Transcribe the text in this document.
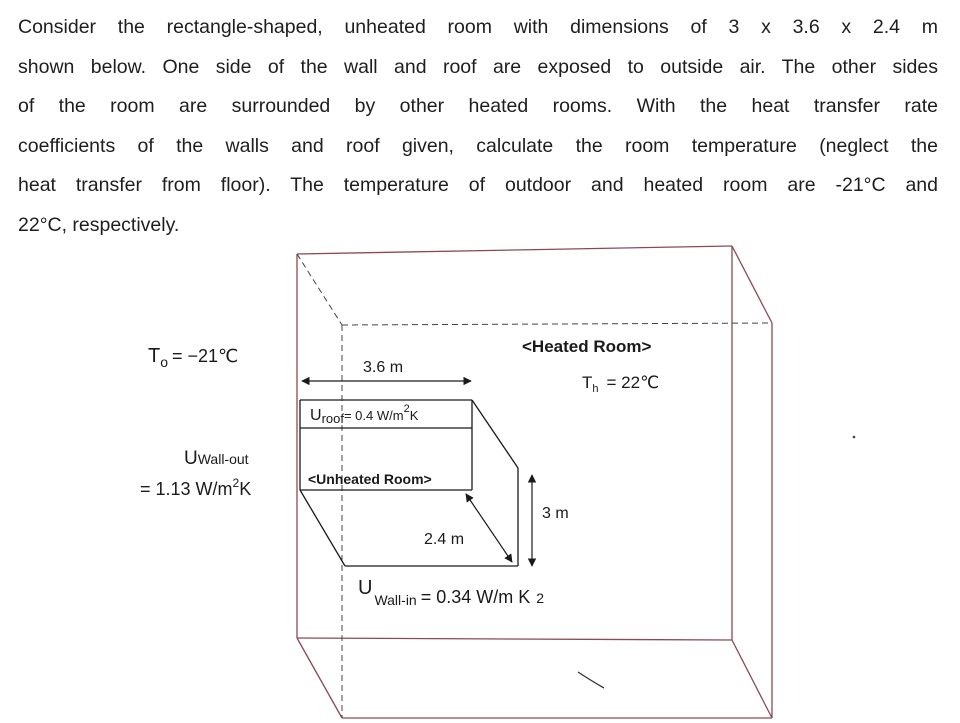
Consider the rectangle-shaped, unheated room with dimensions of 3 x 3.6 x 2.4 m
shown below. One side of the wall and roof are exposed to outside air. The other sides
of the room are surrounded by other heated rooms. With the heat transfer rate
coefficients of the walls and roof given, calculate the room temperature (neglect the
heat transfer from floor). The temperature of outdoor and heated room are -21°C and
22°C, respectively.

$T_o$ = −21℃
3.6 m
<Heated Room>
$T_h$ = 22℃
Uroof= 0.4 $W/m^2_K$
UWall-out
= 1.13 $W/m^2K$	<Unheated Room>
3 m
2.4 m
$U_{Wall-in} = 0.34$ W/m K 2
